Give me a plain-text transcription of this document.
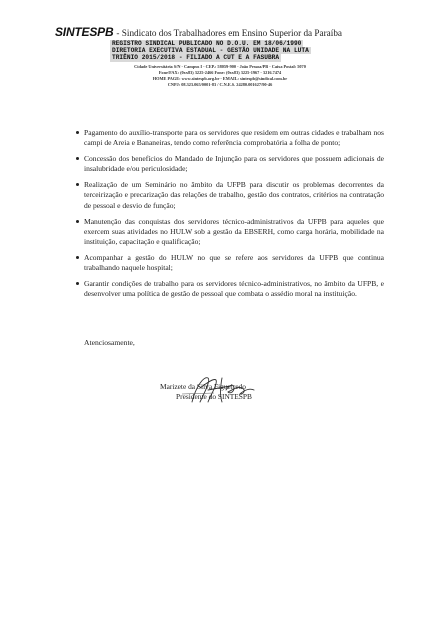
SINTESPB - Sindicato dos Trabalhadores em Ensino Superior da Paraíba
REGISTRO SINDICAL PUBLICADO NO D.O.U. EM 18/06/1990
DIRETORIA EXECUTIVA ESTADUAL - GESTÃO UNIDADE NA LUTA
TRIÊNIO 2015/2018 - FILIADO A CUT E A FASUBRA
Cidade Universitária S/N - Campus I - CEP.: 58059-900 - João Pessoa/PB - Caixa Postal: 5070
Fone/FAX: (0xx83) 3225-2466 Fone: (0xx83) 3225-1967 - 3216.7474
HOME PAGE: www.sintespb.org.br - EMAIL: sintespb@sindical.com.br
CNPJ: 08.323.065/0001-83 / C.N.E.S. 24280.001627/90-46
Pagamento do auxílio-transporte para os servidores que residem em outras cidades e trabalham nos campi de Areia e Bananeiras, tendo como referência comprobatória a folha de ponto;
Concessão dos benefícios do Mandado de Injunção para os servidores que possuem adicionais de insalubridade e/ou periculosidade;
Realização de um Seminário no âmbito da UFPB para discutir os problemas decorrentes da terceirização e precarização das relações de trabalho, gestão dos contratos, critérios na contratação de pessoal e desvio de função;
Manutenção das conquistas dos servidores técnico-administrativos da UFPB para aqueles que exercem suas atividades no HULW sob a gestão da EBSERH, como carga horária, mobilidade na instituição, capacitação e qualificação;
Acompanhar a gestão do HULW no que se refere aos servidores da UFPB que continua trabalhando naquele hospital;
Garantir condições de trabalho para os servidores técnico-administrativos, no âmbito da UFPB, e desenvolver uma política de gestão de pessoal que combata o assédio moral na instituição.
Atenciosamente,
Marizete da Silva Figueiredo
Presidente do SINTESPB
